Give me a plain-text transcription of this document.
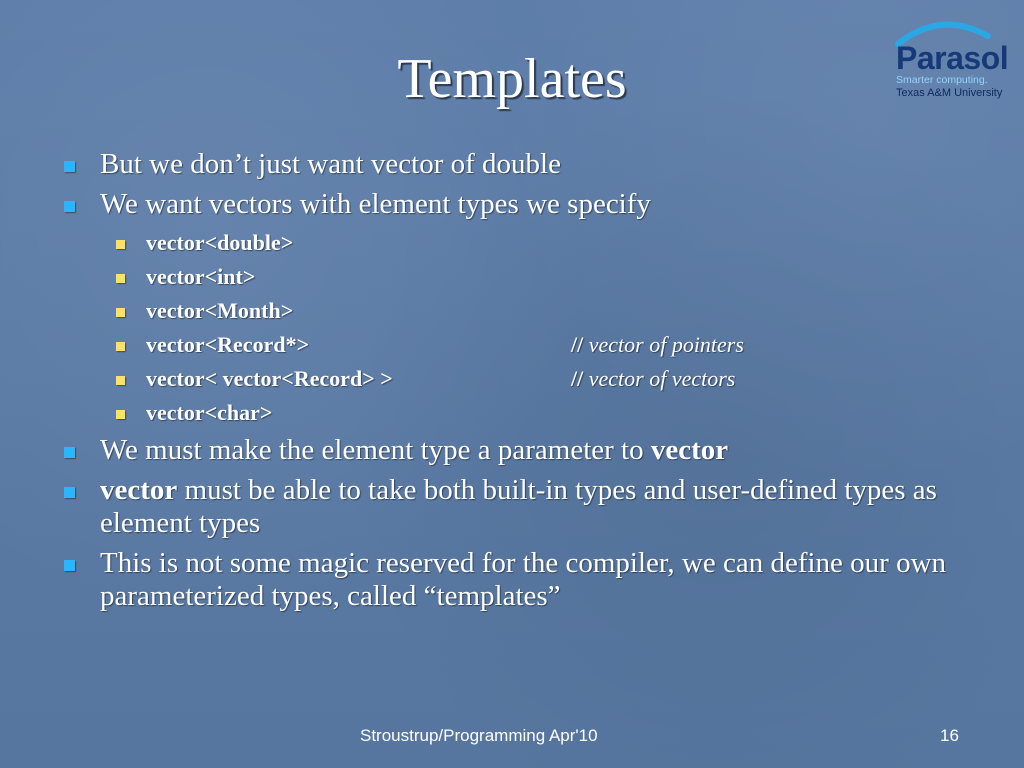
Templates	Parasol
Smarter computing.
Texas A&M University
But we don’t just want vector of double
We want vectors with element types we specify
vector<double>
vector<int>
vector<Month>
vector<Record*>	// vector of pointers
vector< vector<Record> >	// vector of vectors
vector<char>
We must make the element type a parameter to vector
vector must be able to take both built-in types and user-defined types as element types
This is not some magic reserved for the compiler, we can define our own parameterized types, called “templates”
Stroustrup/Programming Apr'10	16
